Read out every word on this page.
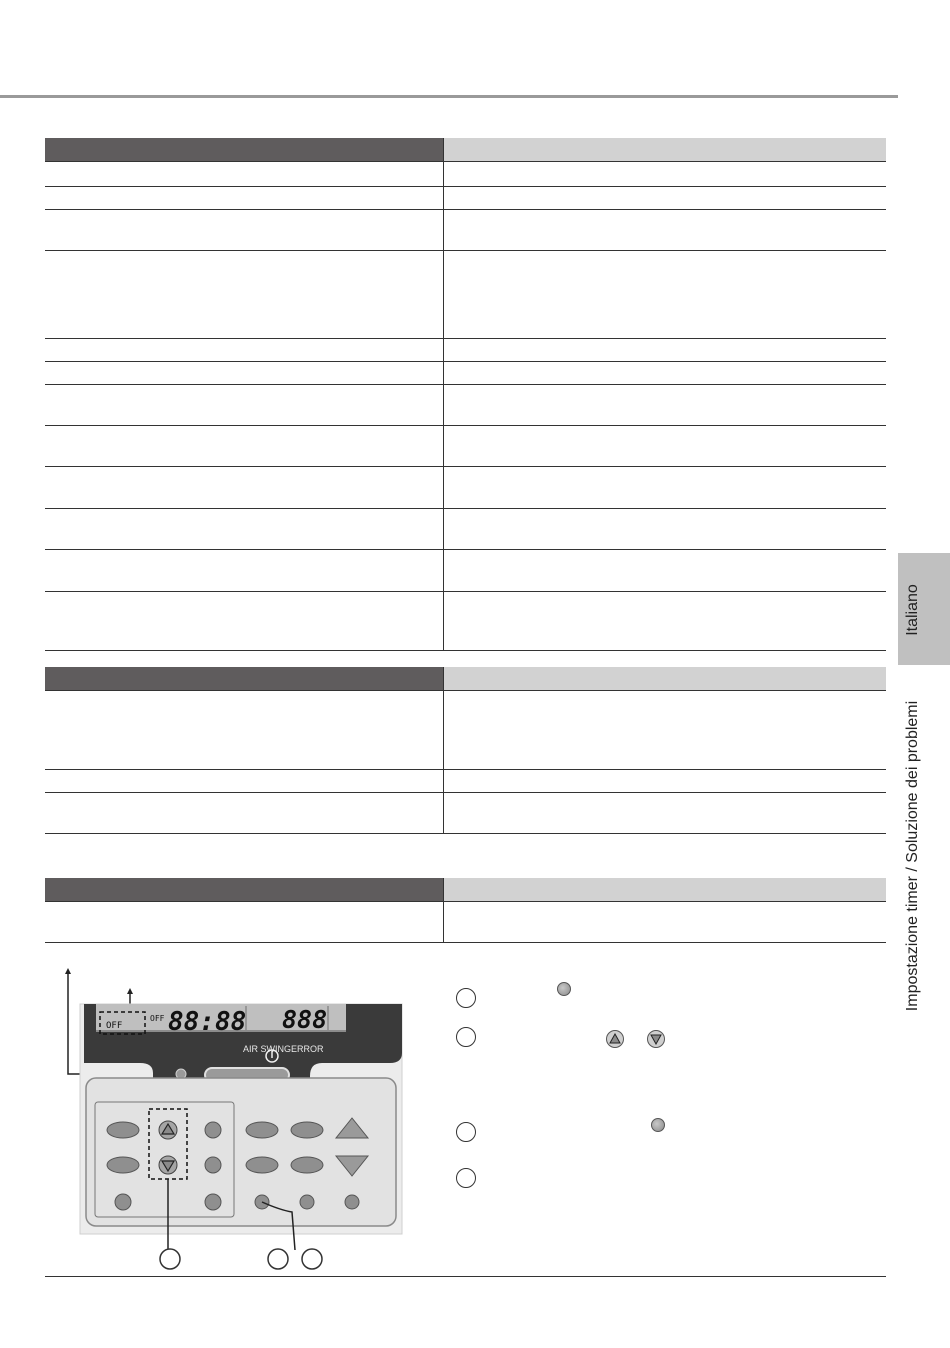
Italiano
Impostazione timer / Soluzione dei problemi
OFF
OFF 88:88 888
AIR SWING ERROR
